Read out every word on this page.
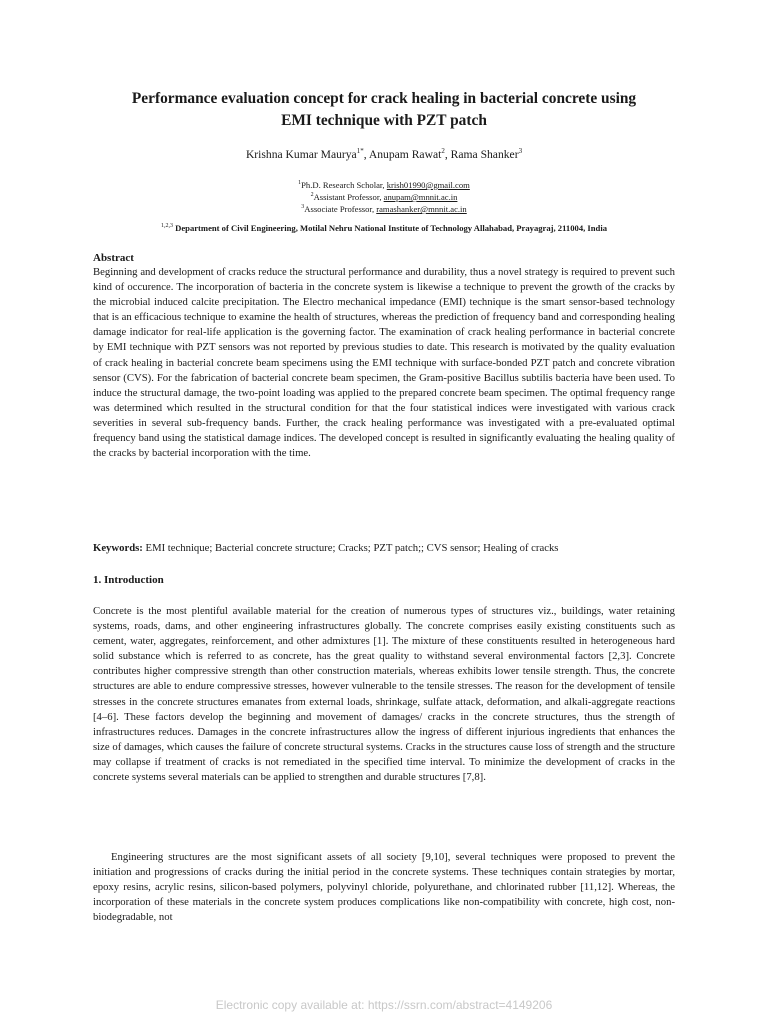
Performance evaluation concept for crack healing in bacterial concrete using
EMI technique with PZT patch
Krishna Kumar Maurya$^{1*}$, Anupam Rawat$^2$, Rama Shanker$^3$
$^1$Ph.D. Research Scholar, krish01990@gmail.com
$^2$Assistant Professor, anupam@mnnit.ac.in
$^3$Associate Professor, ramashanker@mnnit.ac.in
$^{1,2,3}$ Department of Civil Engineering, Motilal Nehru National Institute of Technology Allahabad, Prayagraj, 211004, India
Abstract

Beginning and development of cracks reduce the structural performance and durability, thus a novel strategy is required to prevent such kind of occurence. The incorporation of bacteria in the concrete system is likewise a technique to prevent the growth of the cracks by the microbial induced calcite precipitation. The Electro mechanical impedance (EMI) technique is the smart sensor-based technology that is an efficacious technique to examine the health of structures, whereas the prediction of frequency band and corresponding healing damage indicator for real-life application is the governing factor. The examination of crack healing performance in bacterial concrete by EMI technique with PZT sensors was not reported by previous studies to date. This research is motivated by the quality evaluation of crack healing in bacterial concrete beam specimens using the EMI technique with surface-bonded PZT patch and concrete vibration sensor (CVS). For the fabrication of bacterial concrete beam specimen, the Gram-positive Bacillus subtilis bacteria have been used. To induce the structural damage, the two-point loading was applied to the prepared concrete beam specimen. The optimal frequency range was determined which resulted in the structural condition for that the four statistical indices were investigated with various crack severities in several sub-frequency bands. Further, the crack healing performance was investigated with a pre-evaluated optimal frequency band using the statistical damage indices. The developed concept is resulted in significantly evaluating the healing quality of the cracks by bacterial incorporation with the time.

Keywords: EMI technique; Bacterial concrete structure; Cracks; PZT patch;; CVS sensor; Healing of cracks
1. Introduction

Concrete is the most plentiful available material for the creation of numerous types of structures viz., buildings, water retaining systems, roads, dams, and other engineering infrastructures globally. The concrete comprises easily existing constituents such as cement, water, aggregates, reinforcement, and other admixtures [1]. The mixture of these constituents resulted in heterogeneous hard solid substance which is referred to as concrete, has the great quality to withstand several environmental factors [2,3]. Concrete contributes higher compressive strength than other construction materials, whereas exhibits lower tensile strength. Thus, the concrete structures are able to endure compressive stresses, however vulnerable to the tensile stresses. The reason for the development of tensile stresses in the concrete structures emanates from external loads, shrinkage, sulfate attack, deformation, and alkali-aggregate reactions [4–6]. These factors develop the beginning and movement of damages/ cracks in the concrete structures, thus the strength of infrastructures reduces. Damages in the concrete infrastructures allow the ingress of different injurious ingredients that enhances the size of damages, which causes the failure of concrete structural systems. Cracks in the structures cause loss of strength and the structure may collapse if treatment of cracks is not remediated in the specified time interval. To minimize the development of cracks in the concrete systems several materials can be applied to strengthen and durable structures [7,8].

Engineering structures are the most significant assets of all society [9,10], several techniques were proposed to prevent the initiation and progressions of cracks during the initial period in the concrete systems. These techniques contain strategies by mortar, epoxy resins, acrylic resins, silicon-based polymers, polyvinyl chloride, polyurethane, and chlorinated rubber [11,12]. Whereas, the incorporation of these materials in the concrete system produces complications like non-compatibility with concrete, high cost, non-biodegradable, not

Electronic copy available at: https://ssrn.com/abstract=4149206
